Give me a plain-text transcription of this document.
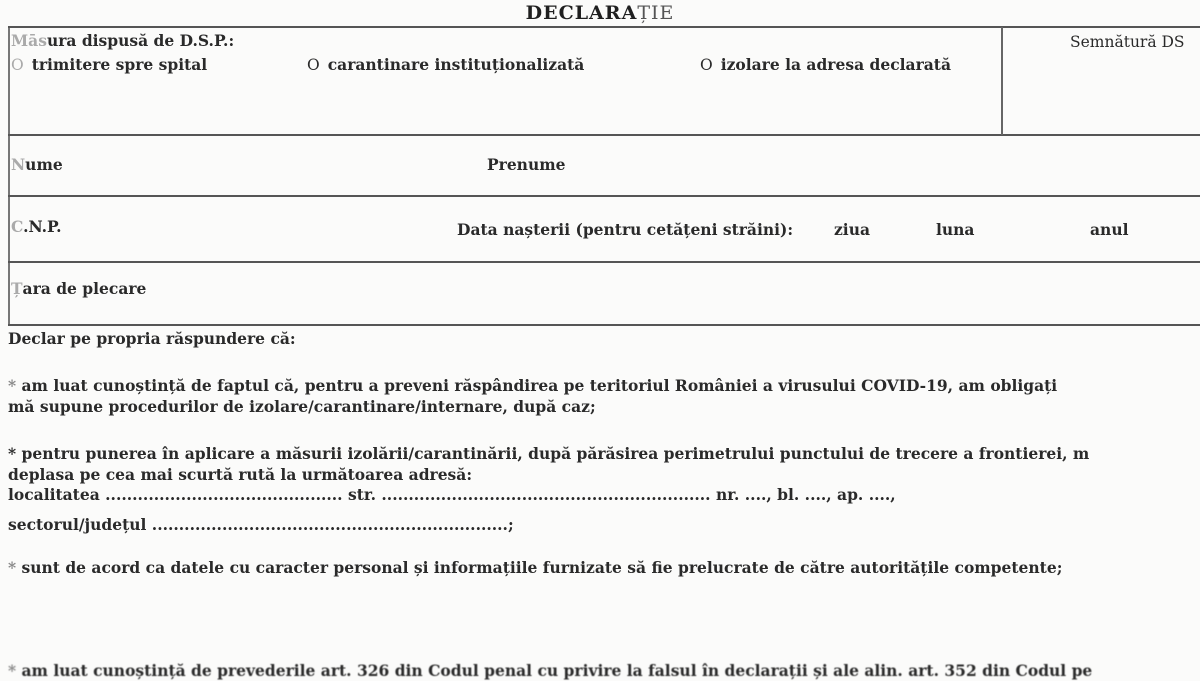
DECLARAȚIE
Māsura dispusă de D.S.P.:
O trimitere spre spital	O carantinare instituționalizată	O izolare la adresa declarată
Semnătură DS
Nume	Prenume
C.N.P.	Data nașterii (pentru cetățeni străini):	ziua	luna	anul
Țara de plecare
Declar pe propria răspundere că:
* am luat cunoștință de faptul că, pentru a preveni răspândirea pe teritoriul României a virusului COVID-19, am obligați
mă supune procedurilor de izolare/carantinare/internare, după caz;
* pentru punerea în aplicare a măsurii izolării/carantinării, după părăsirea perimetrului punctului de trecere a frontierei, m
deplasa pe cea mai scurtă rută la următoarea adresă:
localitatea ............................................ str. ............................................................. nr. ...., bl. ...., ap. ....,
sectorul/județul ..................................................................;
* sunt de acord ca datele cu caracter personal și informațiile furnizate să fie prelucrate de către autoritățile competente;
* am luat cunoștință de prevederile art. 326 din Codul penal cu privire la falsul în declarații și ale alin. art. 352 din Codul pe
